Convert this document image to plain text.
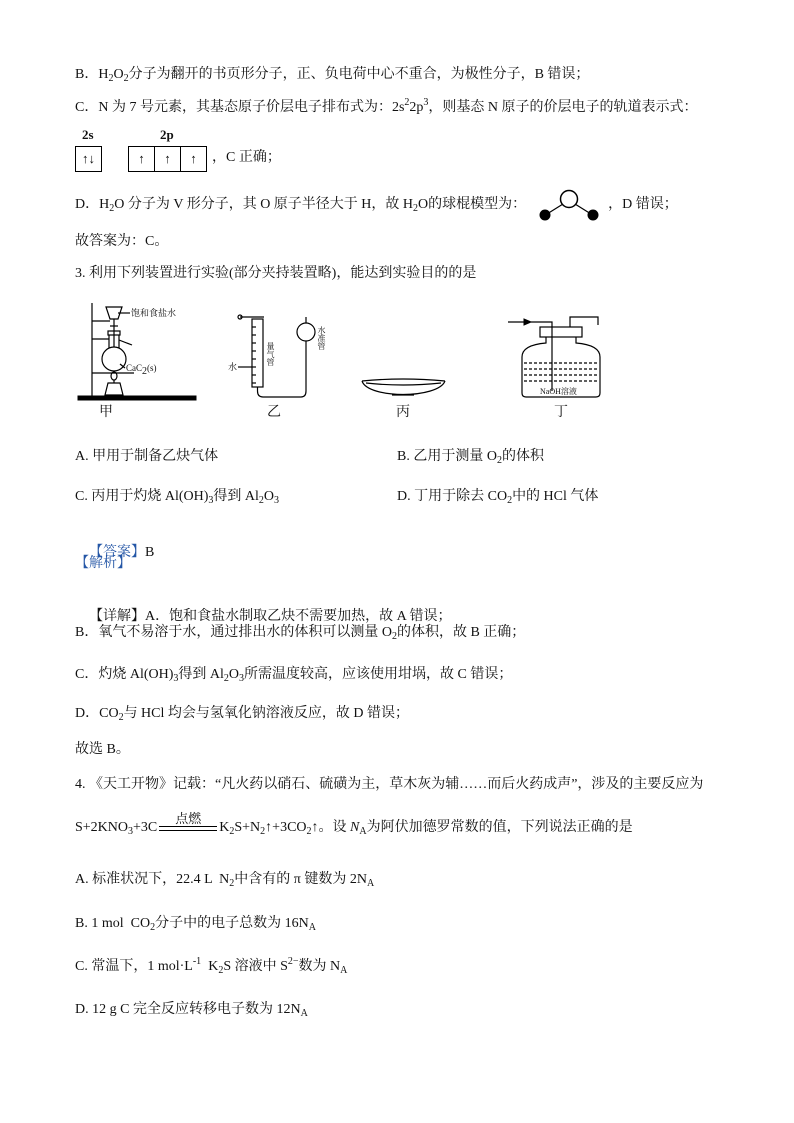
B．$H_2O_2$分子为翻开的书页形分子，正、负电荷中心不重合，为极性分子，B 错误；
C．N 为 7 号元素，其基态原子价层电子排布式为：$2s^22p^3$，则基态 N 原子的价层电子的轨道表示式：
2s	2p
↑↓	↑	↑	↑	，C 正确；
D．$H_2O$ 分子为 V 形分子，其 O 原子半径大于 H，故 $H_2O$的球棍模型为：	，D 错误；
故答案为：C。
3. 利用下列装置进行实验(部分夹持装置略)，能达到实验目的的是
饱和食盐水
CaC$_2$(s)	水
量气管
水准管
NaOH溶液
甲	乙	丙	丁
A. 甲用于制备乙炔气体	B. 乙用于测量 $O_2$的体积
C. 丙用于灼烧 $Al(OH)_3$得到 $Al_2O_3$	D. 丁用于除去 $CO_2$中的 HCl 气体

【答案】B

【解析】

【详解】A．饱和食盐水制取乙炔不需要加热，故 A 错误；

B．氧气不易溶于水，通过排出水的体积可以测量 $O_2$的体积，故 B 正确；
C．灼烧 $Al(OH)_3$得到 $Al_2O_3$所需温度较高，应该使用坩埚，故 C 错误；
D．$CO_2$与 HCl 均会与氢氧化钠溶液反应，故 D 错误；
故选 B。
4. 《天工开物》记载：“凡火药以硝石、硫磺为主，草木灰为辅……而后火药成声”，涉及的主要反应为
$S+2KNO_3+3C$

点燃

$K_2S+N_2↑+3CO_2↑$。设 $N_A$为阿伏加德罗常数的值，下列说法正确的是
A. 标准状况下，22.4 L  $N_2$中含有的 π 键数为 $2N_A$
B. 1 mol  $CO_2$分子中的电子总数为 $16N_A$
C. 常温下，1 $mol\cdot L^{-1}$  $K_2S$ 溶液中 $S^{2-}$数为 $N_A$
D. 12 g C 完全反应转移电子数为 $12N_A$
